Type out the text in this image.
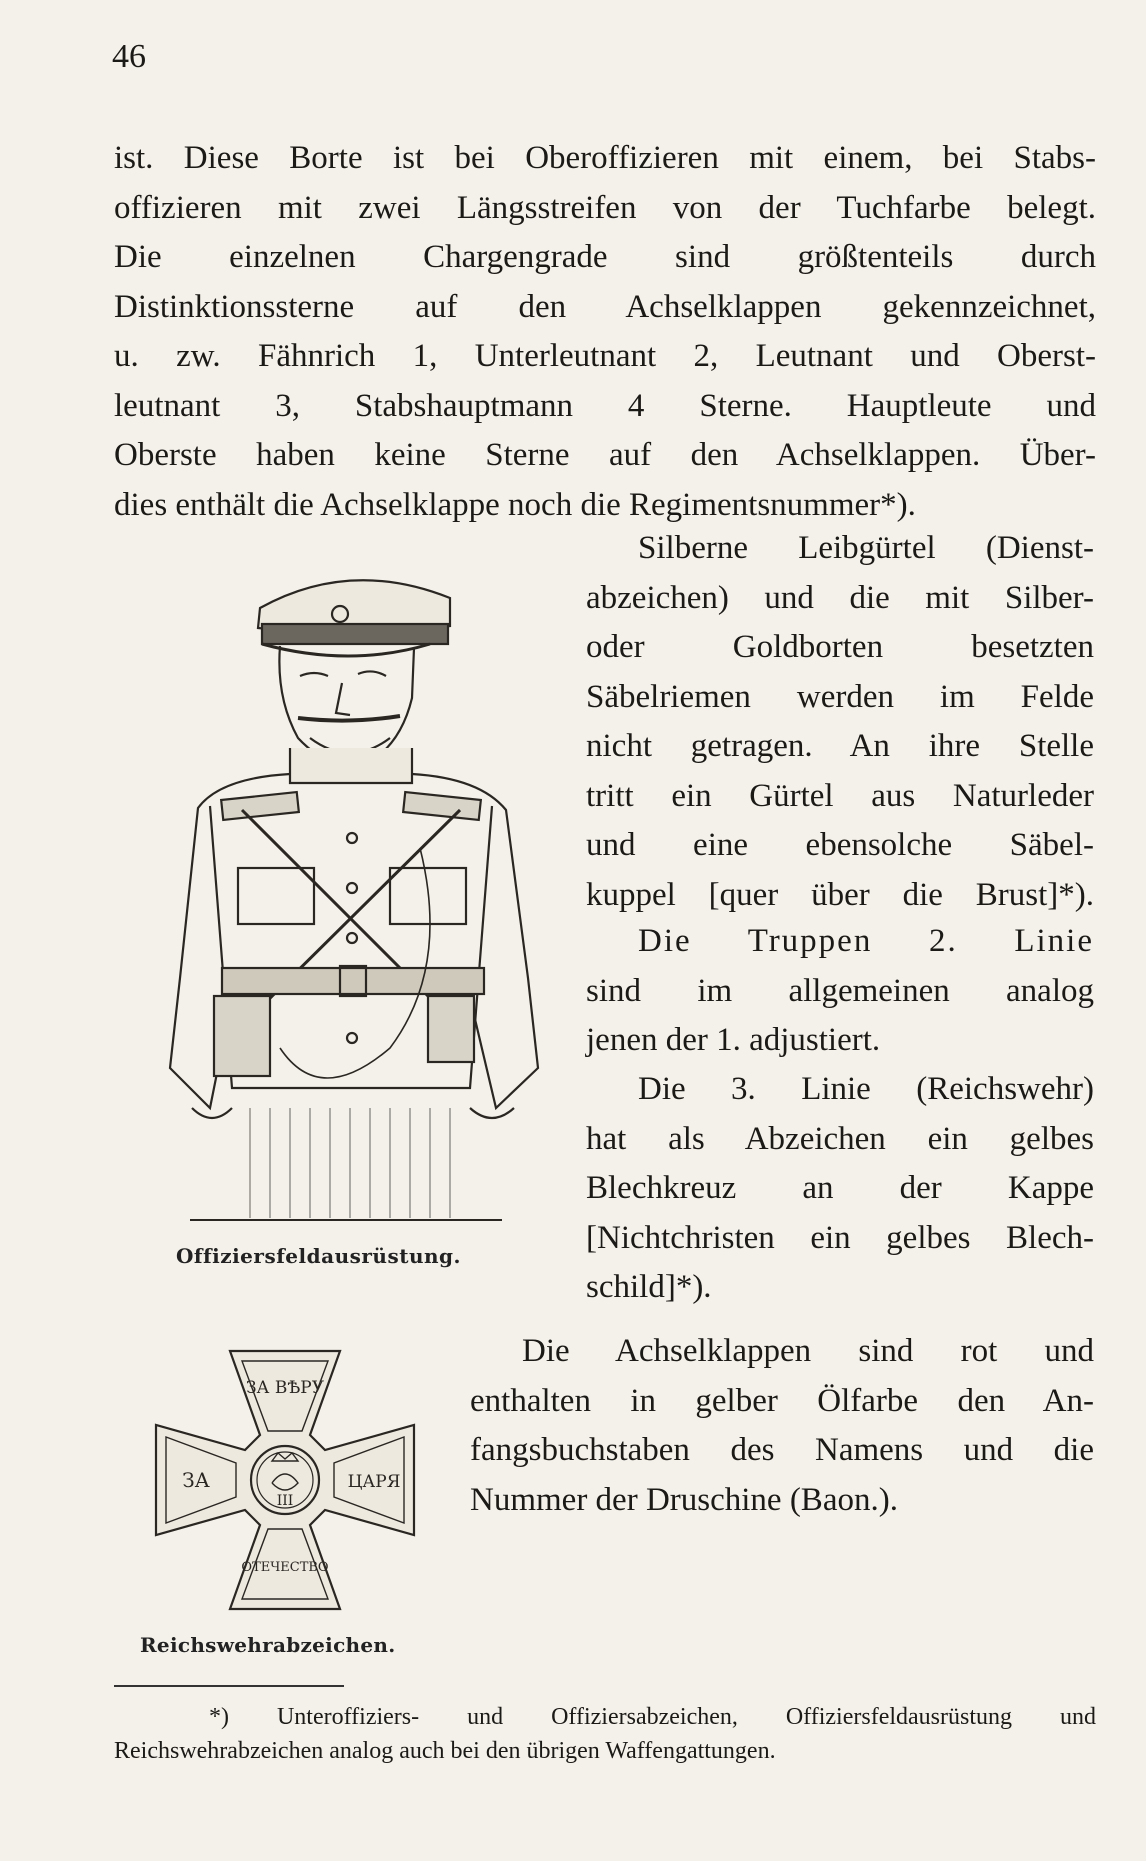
46
ist. Diese Borte ist bei Oberoffizieren mit einem, bei Stabs-
offizieren mit zwei Längsstreifen von der Tuchfarbe belegt.
Die einzelnen Chargengrade sind größtenteils durch
Distinktionssterne auf den Achselklappen gekennzeichnet,
u. zw. Fähnrich 1, Unterleutnant 2, Leutnant und Oberst-
leutnant 3, Stabshauptmann 4 Sterne. Hauptleute und
Oberste haben keine Sterne auf den Achselklappen. Über-
dies enthält die Achselklappe noch die Regimentsnummer*).
Silberne Leibgürtel (Dienst-
abzeichen) und die mit Silber-
oder Goldborten besetzten
Säbelriemen werden im Felde
nicht getragen. An ihre Stelle
tritt ein Gürtel aus Naturleder
und eine ebensolche Säbel-
kuppel [quer über die Brust]*).
Die Truppen 2. Linie
sind im allgemeinen analog
jenen der 1. adjustiert.
Die 3. Linie (Reichswehr)
hat als Abzeichen ein gelbes
Blechkreuz an der Kappe
[Nichtchristen ein gelbes Blech-
schild]*).
Die Achselklappen sind rot und
enthalten in gelber Ölfarbe den An-
fangsbuchstaben des Namens und die
Nummer der Druschine (Baon.).
Offiziersfeldausrüstung.
ЗА ВѢРУ
ЗА	ЦАРЯ
ОТЕЧЕСТВО
III
Reichswehrabzeichen.
*) Unteroffiziers- und Offiziersabzeichen, Offiziersfeldausrüstung und
Reichswehrabzeichen analog auch bei den übrigen Waffengattungen.
